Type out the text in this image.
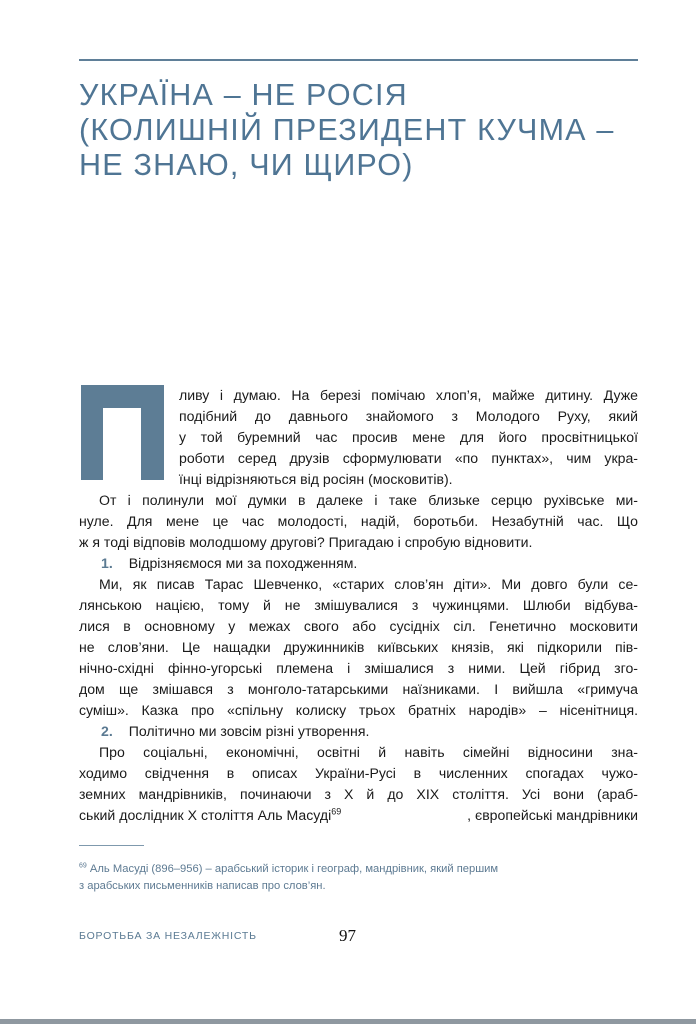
УКРАЇНА – НЕ РОСІЯ
(КОЛИШНІЙ ПРЕЗИДЕНТ КУЧМА –
НЕ ЗНАЮ, ЧИ ЩИРО)
ливу і думаю. На березі помічаю хлоп’я, майже дитину. Дуже
подібний до давнього знайомого з Молодого Руху, який
у той буремний час просив мене для його просвітницької
роботи серед друзів сформулювати «по пунктах», чим укра-
їнці відрізняються від росіян (московитів).
От і полинули мої думки в далеке і таке близьке серцю рухівське ми-
нуле. Для мене це час молодості, надій, боротьби. Незабутній час. Що
ж я тоді відповів молодшому другові? Пригадаю і спробую відновити.
1. Відрізняємося ми за походженням.
Ми, як писав Тарас Шевченко, «старих слов’ян діти». Ми довго були се-
лянською нацією, тому й не змішувалися з чужинцями. Шлюби відбува-
лися в основному у межах свого або сусідніх сіл. Генетично московити
не слов’яни. Це нащадки дружинників київських князів, які підкорили пів-
нічно-східні фінно-угорські племена і змішалися з ними. Цей гібрид зго-
дом ще змішався з монголо-татарськими наїзниками. І вийшла «гримуча
суміш». Казка про «спільну колиску трьох братніх народів» – нісенітниця.
2. Політично ми зовсім різні утворення.
Про соціальні, економічні, освітні й навіть сімейні відносини зна-
ходимо свідчення в описах України-Русі в численних спогадах чужо-
земних мандрівників, починаючи з X й до XIX століття. Усі вони (араб-
ський дослідник X століття Аль Масуді$^{69}$	, європейські мандрівники
$^{69}$ Аль Масуді (896–956) – арабський історик і географ, мандрівник, який першим
з арабських письменників написав про слов’ян.
БОРОТЬБА ЗА НЕЗАЛЕЖНІСТЬ	97
